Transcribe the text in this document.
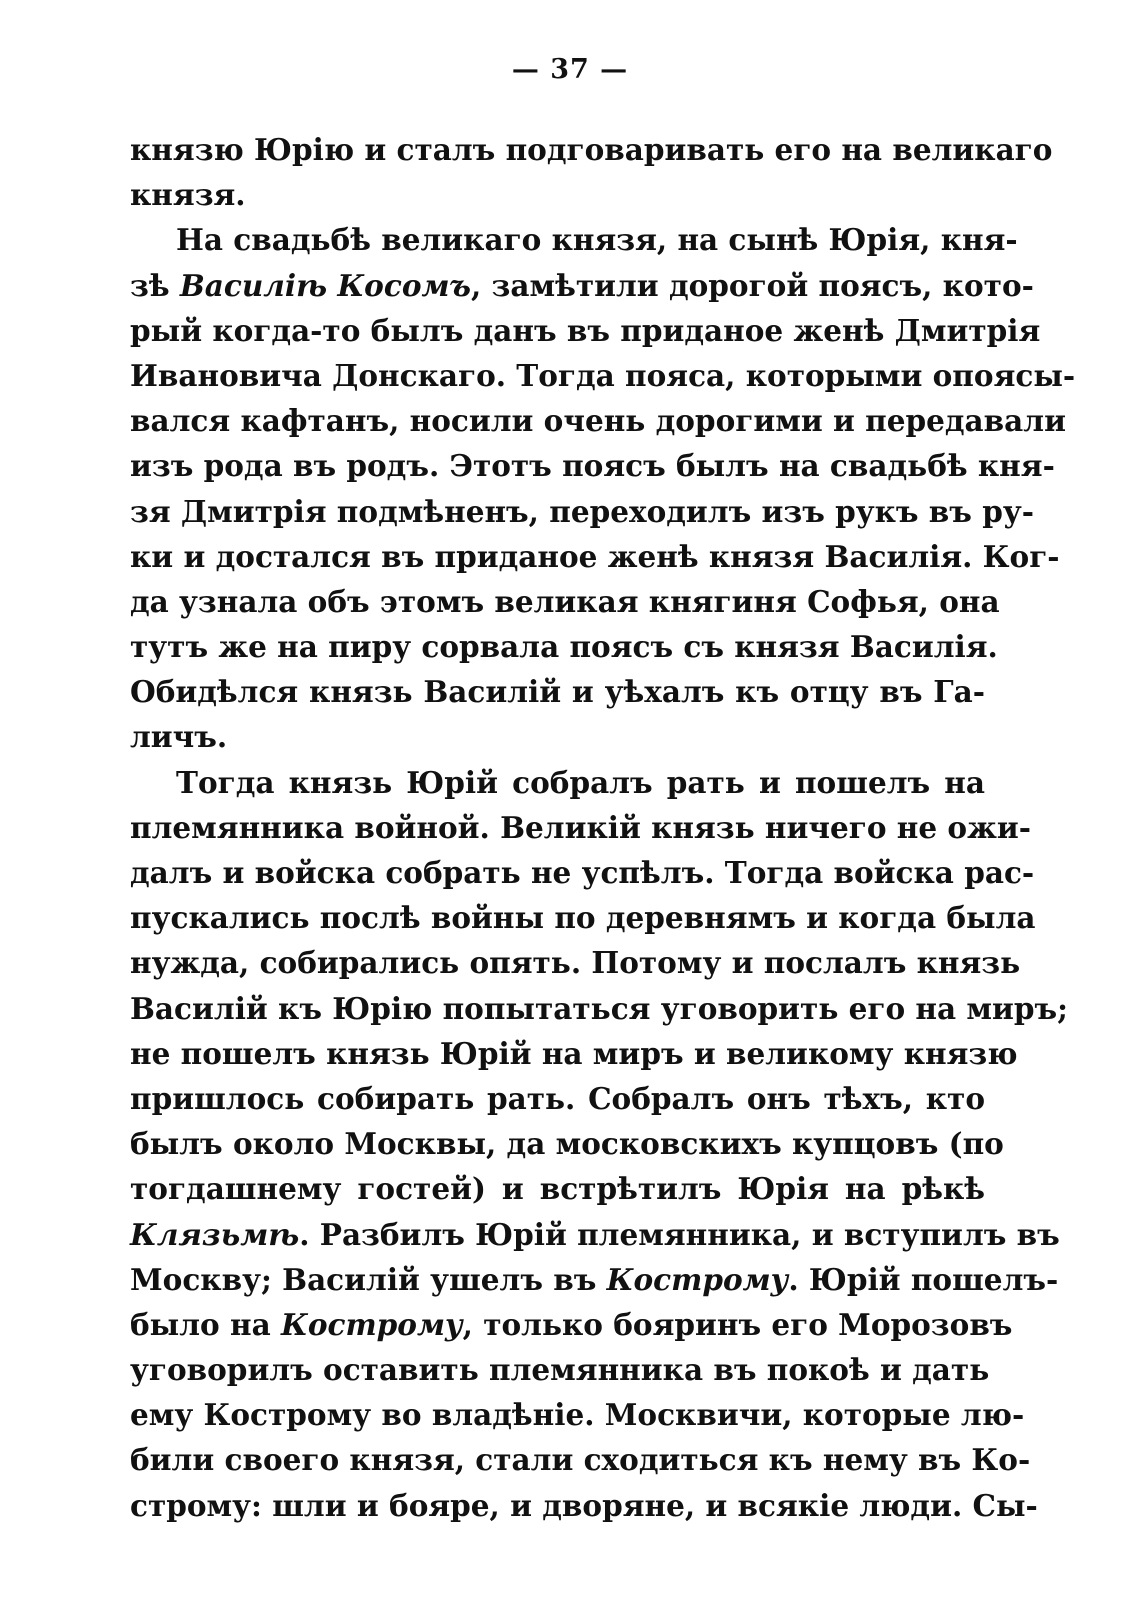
— 37 —
князю Юрію и сталъ подговаривать его на великаго
князя.
На свадьбѣ великаго князя, на сынѣ Юрія, кня-
зѣ Василіѣ Косомъ, замѣтили дорогой поясъ, кото-
рый когда-то былъ данъ въ приданое женѣ Дмитрія
Ивановича Донскаго. Тогда пояса, которыми опоясы-
вался кафтанъ, носили очень дорогими и передавали
изъ рода въ родъ. Этотъ поясъ былъ на свадьбѣ кня-
зя Дмитрія подмѣненъ, переходилъ изъ рукъ въ ру-
ки и достался въ приданое женѣ князя Василія. Ког-
да узнала объ этомъ великая княгиня Софья, она
тутъ же на пиру сорвала поясъ съ князя Василія.
Обидѣлся князь Василій и уѣхалъ къ отцу въ Га-
личъ.
Тогда князь Юрій собралъ рать и пошелъ на
племянника войной. Великій князь ничего не ожи-
далъ и войска собрать не успѣлъ. Тогда войска рас-
пускались послѣ войны по деревнямъ и когда была
нужда, собирались опять. Потому и послалъ князь
Василій къ Юрію попытаться уговорить его на миръ;
не пошелъ князь Юрій на миръ и великому князю
пришлось собирать рать. Собралъ онъ тѣхъ, кто
былъ около Москвы, да московскихъ купцовъ (по
тогдашнему гостей) и встрѣтилъ Юрія на рѣкѣ
Клязьмѣ. Разбилъ Юрій племянника, и вступилъ въ
Москву; Василій ушелъ въ Кострому. Юрій пошелъ-
было на Кострому, только бояринъ его Морозовъ
уговорилъ оставить племянника въ покоѣ и дать
ему Кострому во владѣніе. Москвичи, которые лю-
били своего князя, стали сходиться къ нему въ Ко-
строму: шли и бояре, и дворяне, и всякіе люди. Сы-
